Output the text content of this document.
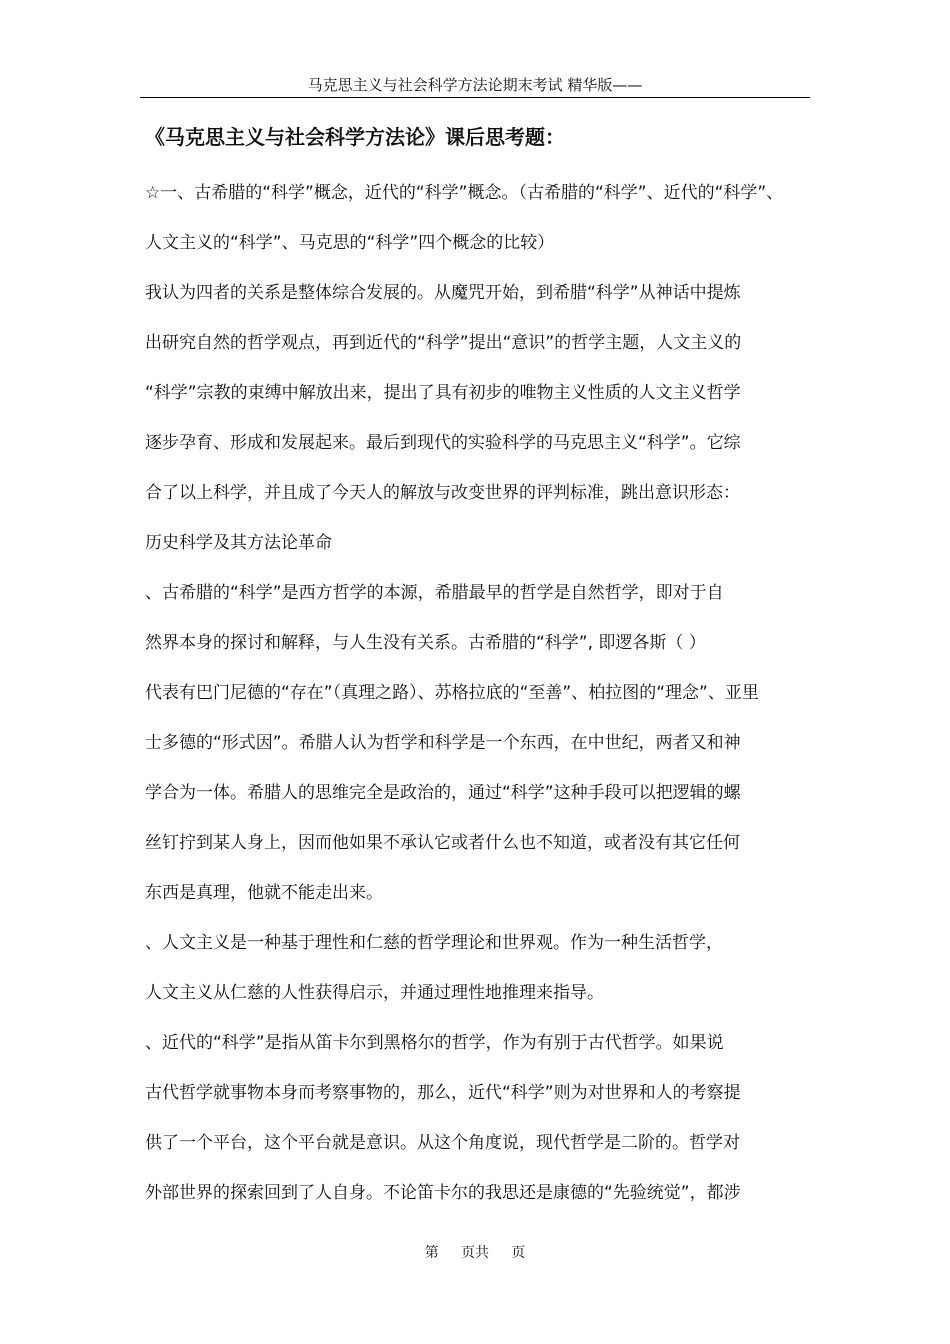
马克思主义与社会科学方法论期末考试 精华版——
《马克思主义与社会科学方法论》课后思考题：
☆一、古希腊的“科学”概念，近代的“科学”概念。（古希腊的“科学”、近代的“科学”、
人文主义的“科学”、马克思的“科学”四个概念的比较）
我认为四者的关系是整体综合发展的。从魔咒开始，到希腊“科学”从神话中提炼
出研究自然的哲学观点，再到近代的“科学”提出“意识”的哲学主题，人文主义的
“科学”宗教的束缚中解放出来，提出了具有初步的唯物主义性质的人文主义哲学
逐步孕育、形成和发展起来。最后到现代的实验科学的马克思主义“科学”。它综
合了以上科学，并且成了今天人的解放与改变世界的评判标准，跳出意识形态：
历史科学及其方法论革命
、古希腊的“科学”是西方哲学的本源，希腊最早的哲学是自然哲学，即对于自
然界本身的探讨和解释，与人生没有关系。古希腊的“科学”, 即逻各斯（ ）
代表有巴门尼德的“存在”（真理之路）、苏格拉底的“至善”、柏拉图的“理念”、亚里
士多德的“形式因”。希腊人认为哲学和科学是一个东西，在中世纪，两者又和神
学合为一体。希腊人的思维完全是政治的，通过“科学”这种手段可以把逻辑的螺
丝钉拧到某人身上，因而他如果不承认它或者什么也不知道，或者没有其它任何
东西是真理，他就不能走出来。
、人文主义是一种基于理性和仁慈的哲学理论和世界观。作为一种生活哲学，
人文主义从仁慈的人性获得启示，并通过理性地推理来指导。
、近代的“科学”是指从笛卡尔到黑格尔的哲学，作为有别于古代哲学。如果说
古代哲学就事物本身而考察事物的，那么，近代“科学”则为对世界和人的考察提
供了一个平台，这个平台就是意识。从这个角度说，现代哲学是二阶的。哲学对
外部世界的探索回到了人自身。不论笛卡尔的我思还是康德的“先验统觉”，都涉
第     页共     页
